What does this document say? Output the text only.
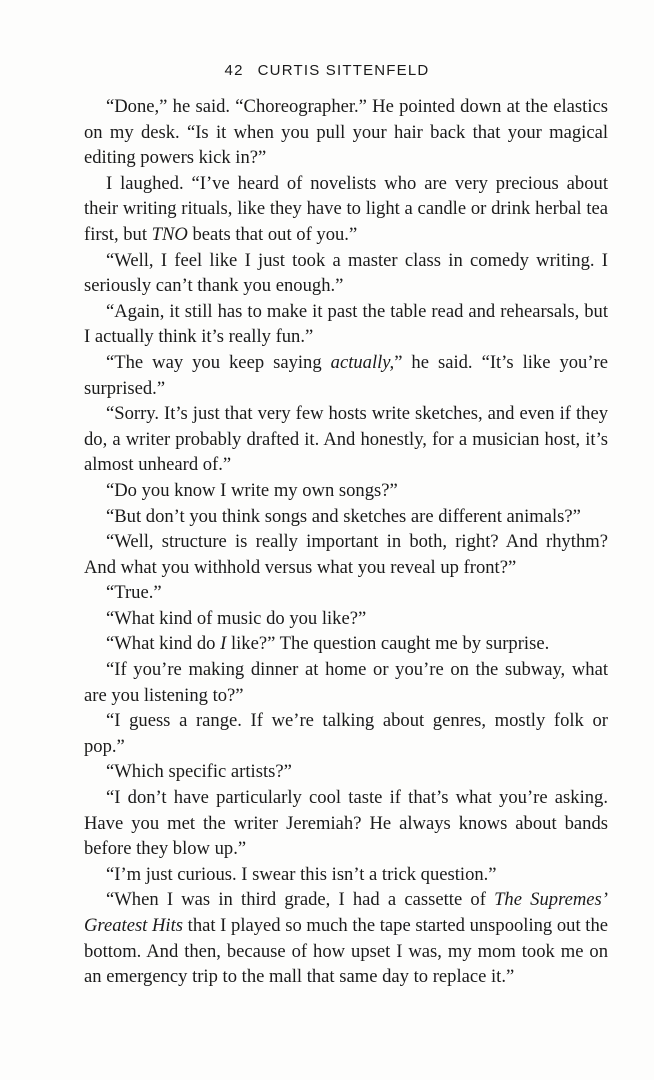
42 CURTIS SITTENFELD

“Done,” he said. “Choreographer.” He pointed down at the elastics on my desk. “Is it when you pull your hair back that your magical editing powers kick in?”

I laughed. “I’ve heard of novelists who are very precious about their writing rituals, like they have to light a candle or drink herbal tea first, but TNO beats that out of you.”

“Well, I feel like I just took a master class in comedy writing. I seriously can’t thank you enough.”

“Again, it still has to make it past the table read and rehearsals, but I actually think it’s really fun.”

“The way you keep saying actually,” he said. “It’s like you’re surprised.”

“Sorry. It’s just that very few hosts write sketches, and even if they do, a writer probably drafted it. And honestly, for a musician host, it’s almost unheard of.”

“Do you know I write my own songs?”

“But don’t you think songs and sketches are different animals?”

“Well, structure is really important in both, right? And rhythm? And what you withhold versus what you reveal up front?”

“True.”

“What kind of music do you like?”

“What kind do I like?” The question caught me by surprise.

“If you’re making dinner at home or you’re on the subway, what are you listening to?”

“I guess a range. If we’re talking about genres, mostly folk or pop.”

“Which specific artists?”

“I don’t have particularly cool taste if that’s what you’re asking. Have you met the writer Jeremiah? He always knows about bands before they blow up.”

“I’m just curious. I swear this isn’t a trick question.”

“When I was in third grade, I had a cassette of The Supremes’ Greatest Hits that I played so much the tape started unspooling out the bottom. And then, because of how upset I was, my mom took me on an emergency trip to the mall that same day to replace it.”
